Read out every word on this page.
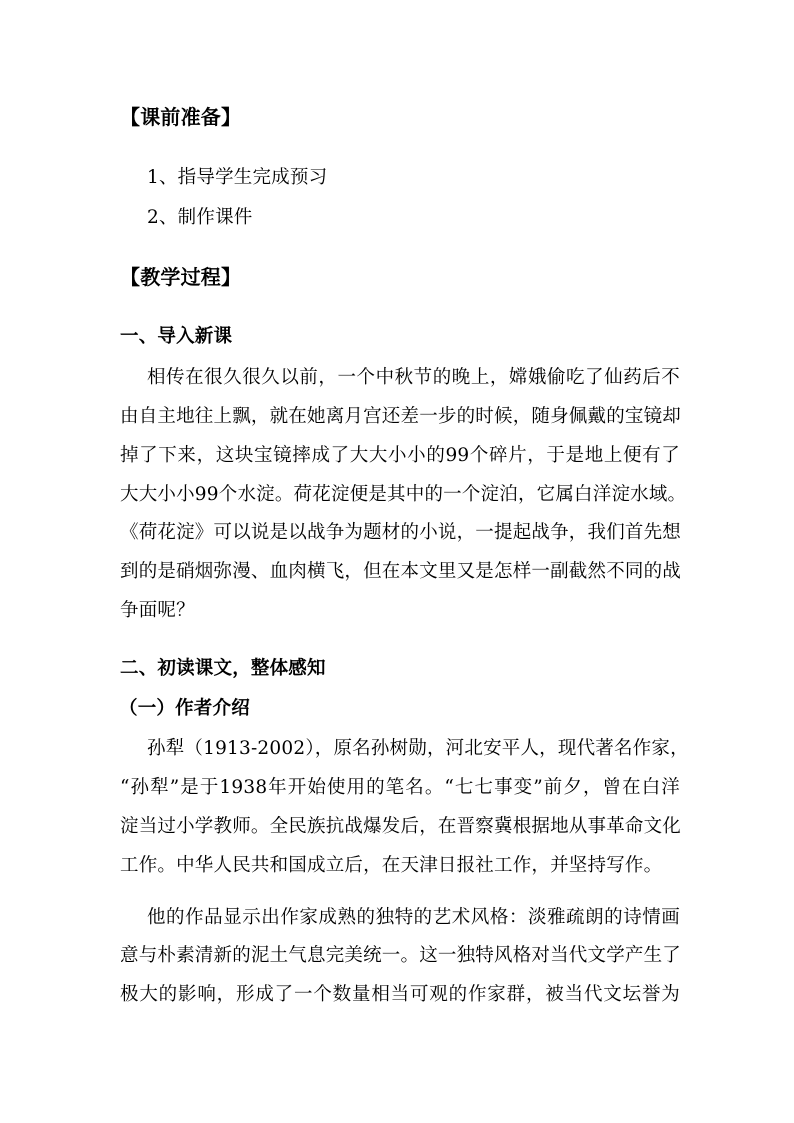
【课前准备】
1、指导学生完成预习
2、制作课件
【教学过程】
一、导入新课
相传在很久很久以前，一个中秋节的晚上，嫦娥偷吃了仙药后不
由自主地往上飘，就在她离月宫还差一步的时候，随身佩戴的宝镜却
掉了下来，这块宝镜摔成了大大小小的99个碎片，于是地上便有了
大大小小99个水淀。荷花淀便是其中的一个淀泊，它属白洋淀水域。
《荷花淀》可以说是以战争为题材的小说，一提起战争，我们首先想
到的是硝烟弥漫、血肉横飞，但在本文里又是怎样一副截然不同的战
争面呢？
二、初读课文，整体感知
（一）作者介绍
孙犁（1913-2002），原名孙树勋，河北安平人，现代著名作家，
“孙犁”是于1938年开始使用的笔名。“七七事变”前夕，曾在白洋
淀当过小学教师。全民族抗战爆发后，在晋察冀根据地从事革命文化
工作。中华人民共和国成立后，在天津日报社工作，并坚持写作。
他的作品显示出作家成熟的独特的艺术风格：淡雅疏朗的诗情画
意与朴素清新的泥土气息完美统一。这一独特风格对当代文学产生了
极大的影响，形成了一个数量相当可观的作家群，被当代文坛誉为
